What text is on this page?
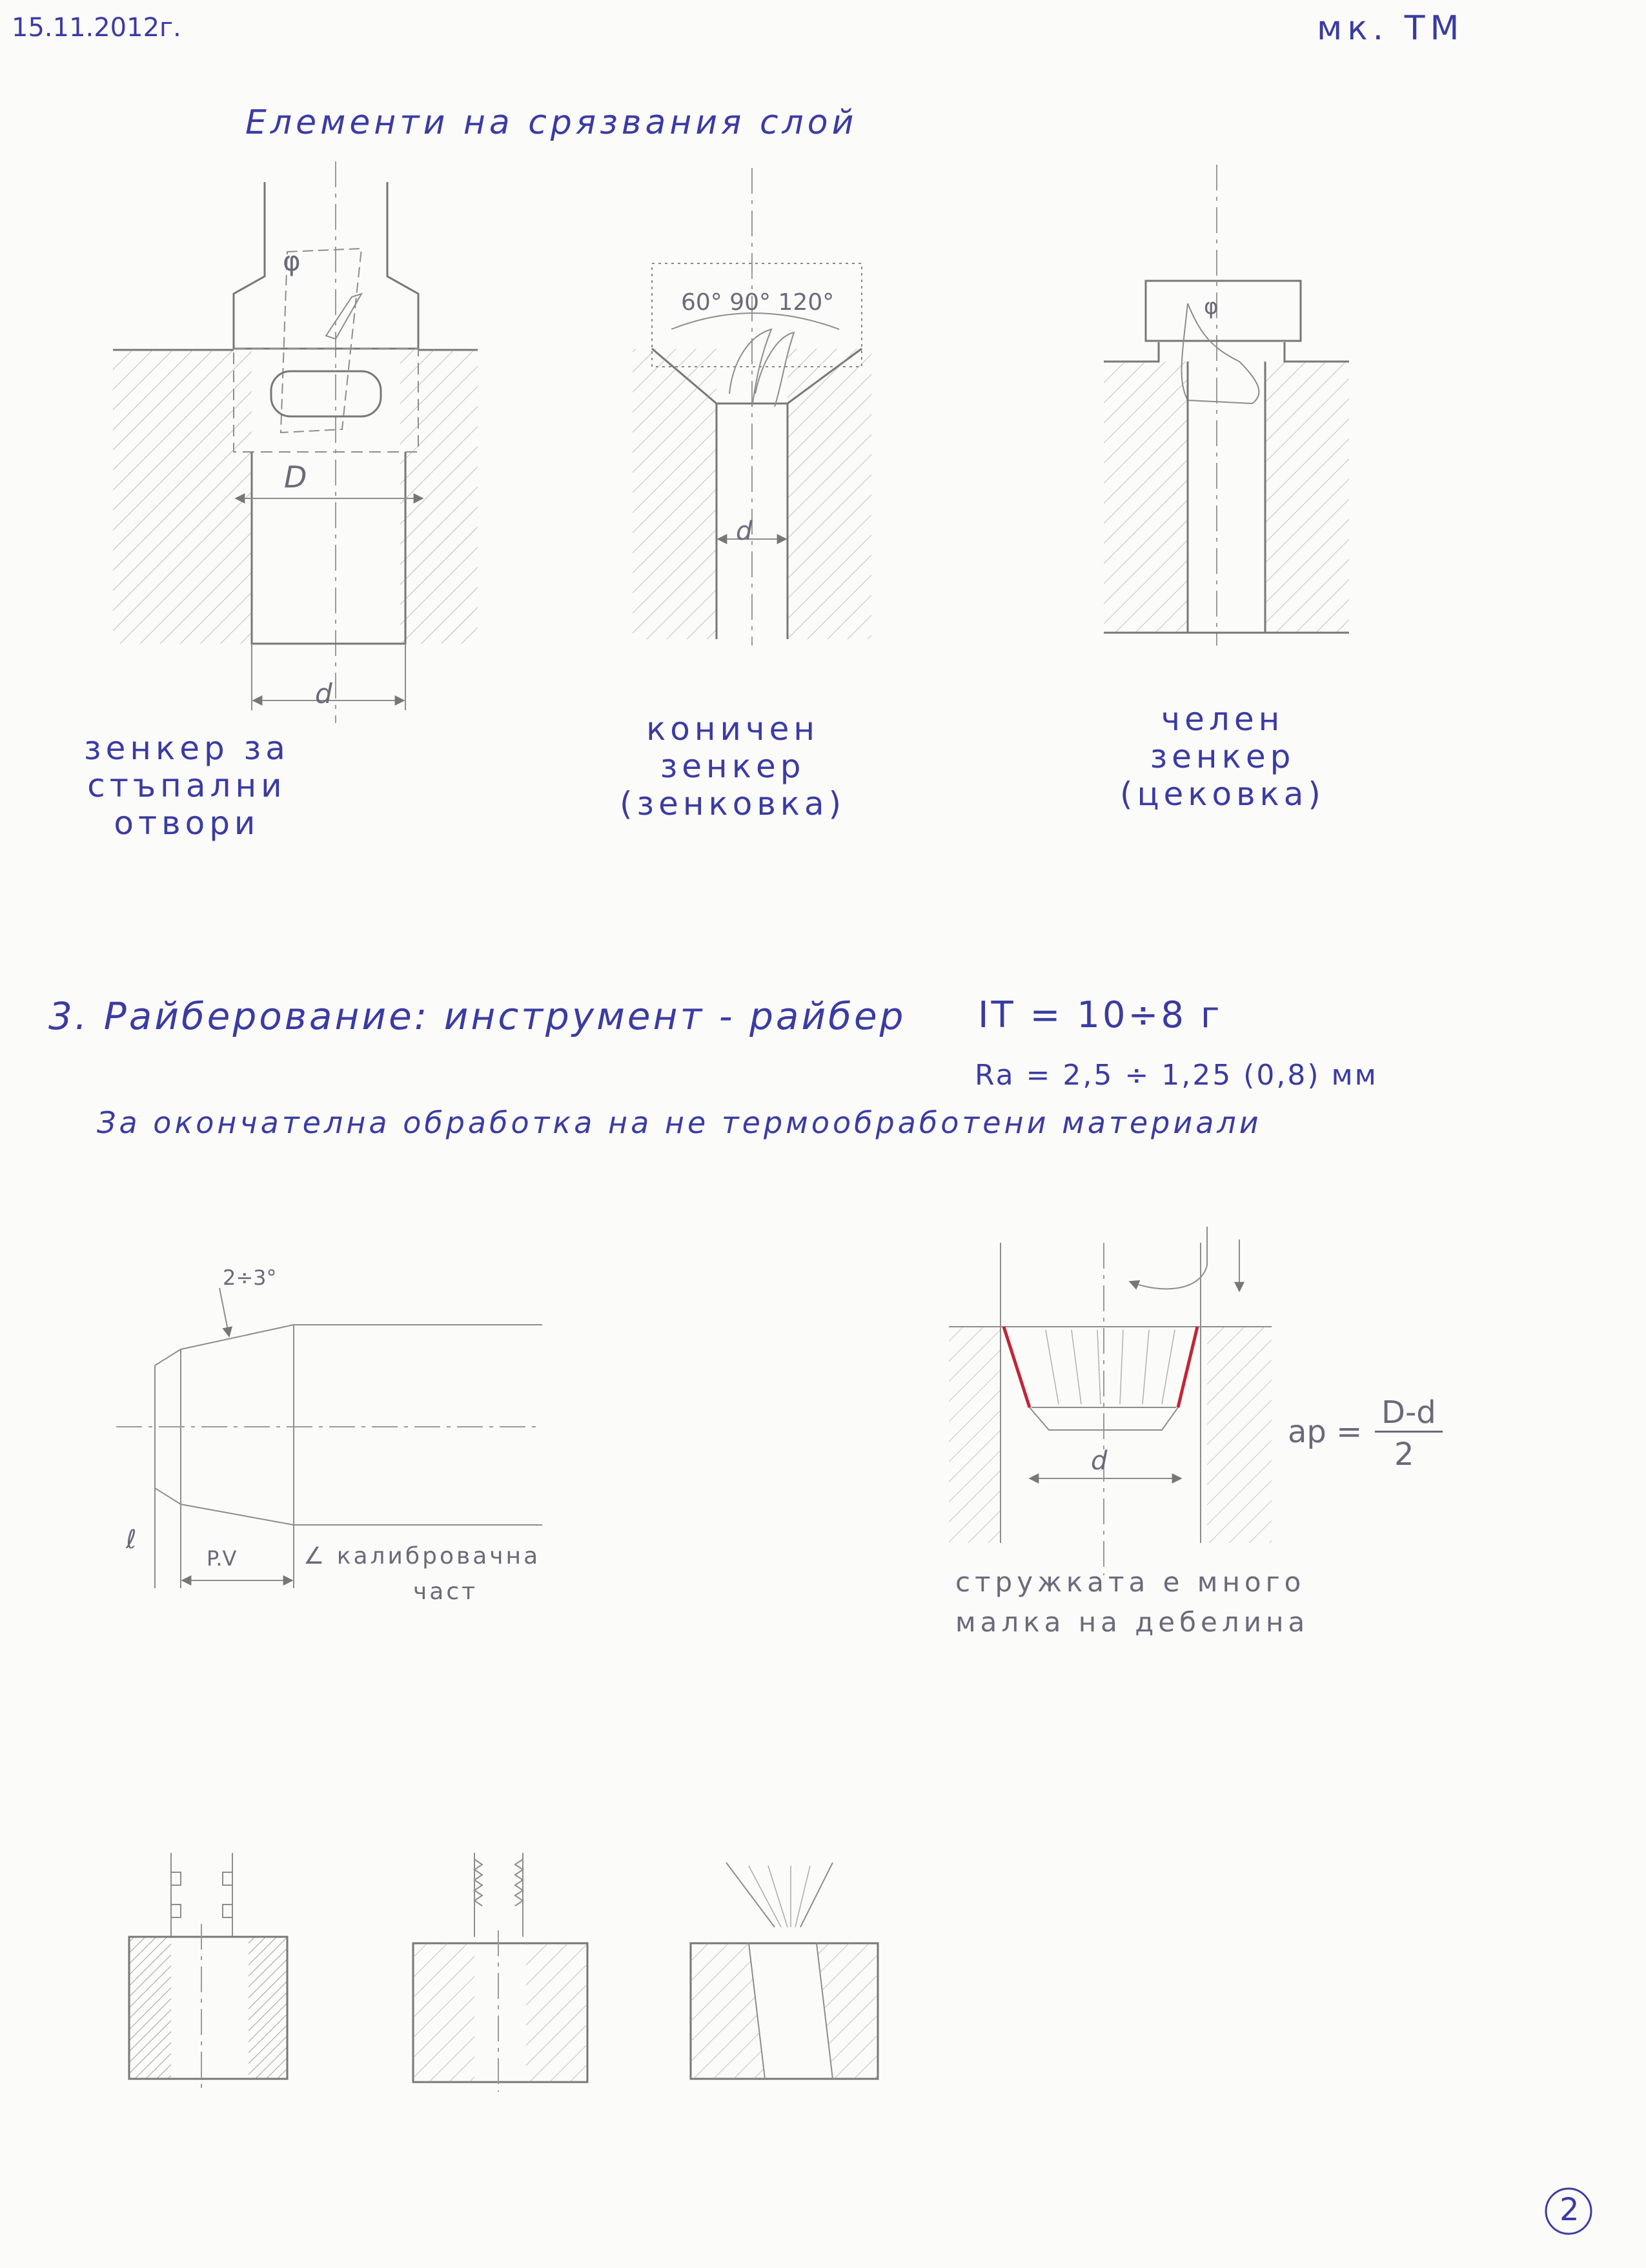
15.11.2012г.	мк. ТМ
Елементи на срязвания слой
D
d
φ
60° 90° 120°
d
φ
зенкер за
стъпални
отвори
коничен
зенкер
(зенковка)
челен
зенкер
(цековка)
3. Райберование: инструмент - райбер IT = 10÷8 г
Ra = 2,5 ÷ 1,25 (0,8) мм
За окончателна обработка на не термообработени материали
2÷3°
ℓ
P.V	∠ калибровачна
част
d
ap =
D-d
2
стружката е много
малка на дебелина
2
